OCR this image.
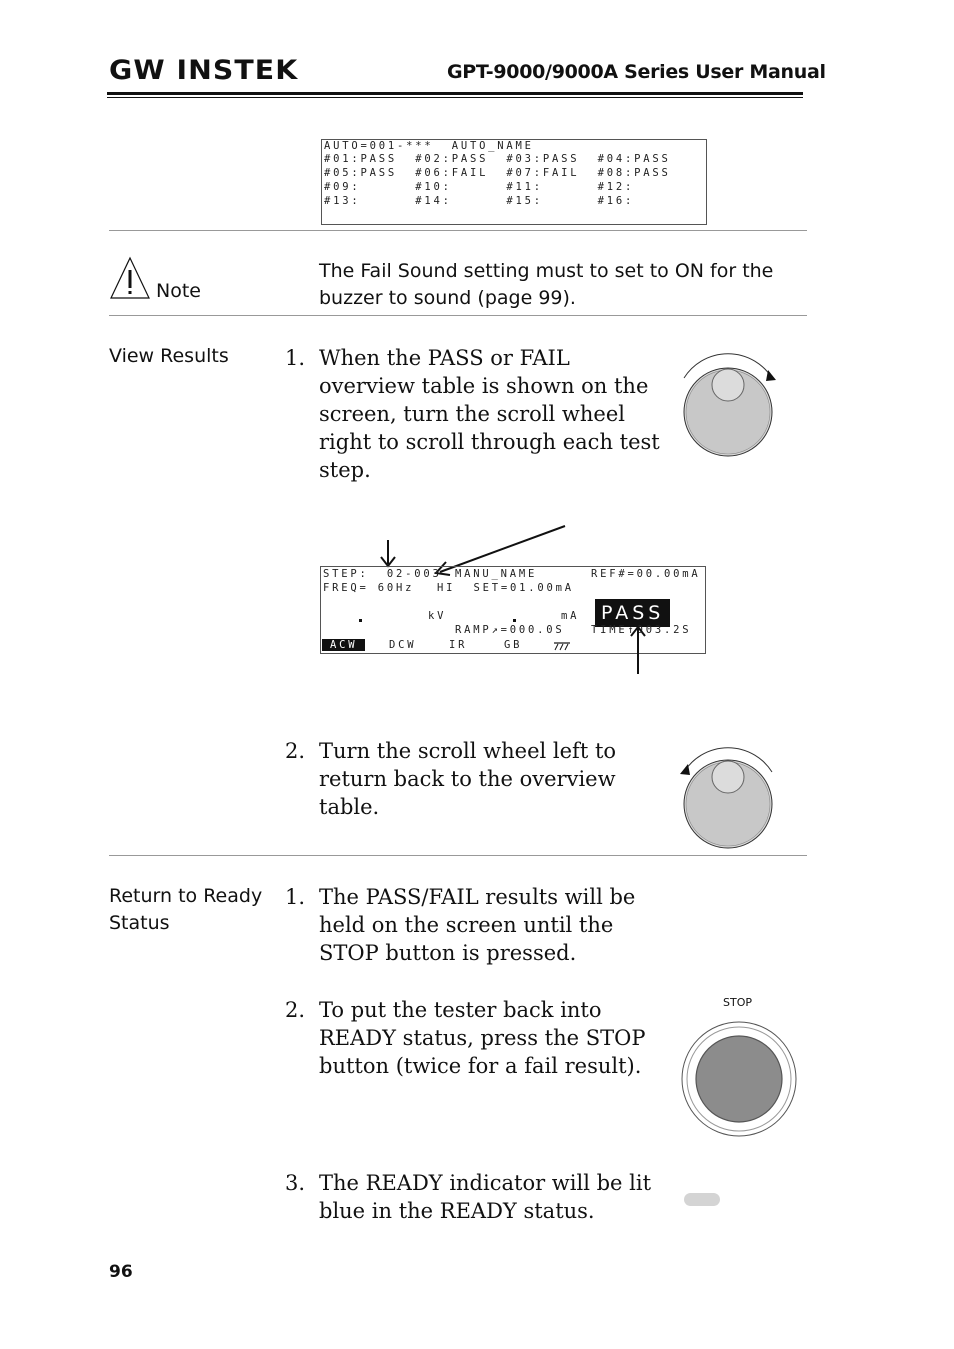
GW INSTEK	GPT-9000/9000A Series User Manual
AUTO=001-***  AUTO_NAME
#01:PASS  #02:PASS  #03:PASS  #04:PASS
#05:PASS  #06:FAIL  #07:FAIL  #08:PASS
#09:      #10:      #11:      #12:
#13:      #14:      #15:      #16:
Note
The Fail Sound setting must to set to ON for the buzzer to sound (page 99).
View Results	1. When the PASS or FAIL overview table is shown on the screen, turn the scroll wheel right to scroll through each test step.
STEP:  02-003 MANU_NAME	REF#=00.00mA
FREQ= 60Hz HI  SET=01.00mA
kV	mA PASS
RAMP↗=000.0S	TIME↑003.2S
ACW	DCW	IR	GB
2. Turn the scroll wheel left to return back to the overview table.
Return to Ready Status
1. The PASS/FAIL results will be held on the screen until the STOP button is pressed.
2. To put the tester back into READY status, press the STOP button (twice for a fail result).
STOP
3. The READY indicator will be lit blue in the READY status.
96
